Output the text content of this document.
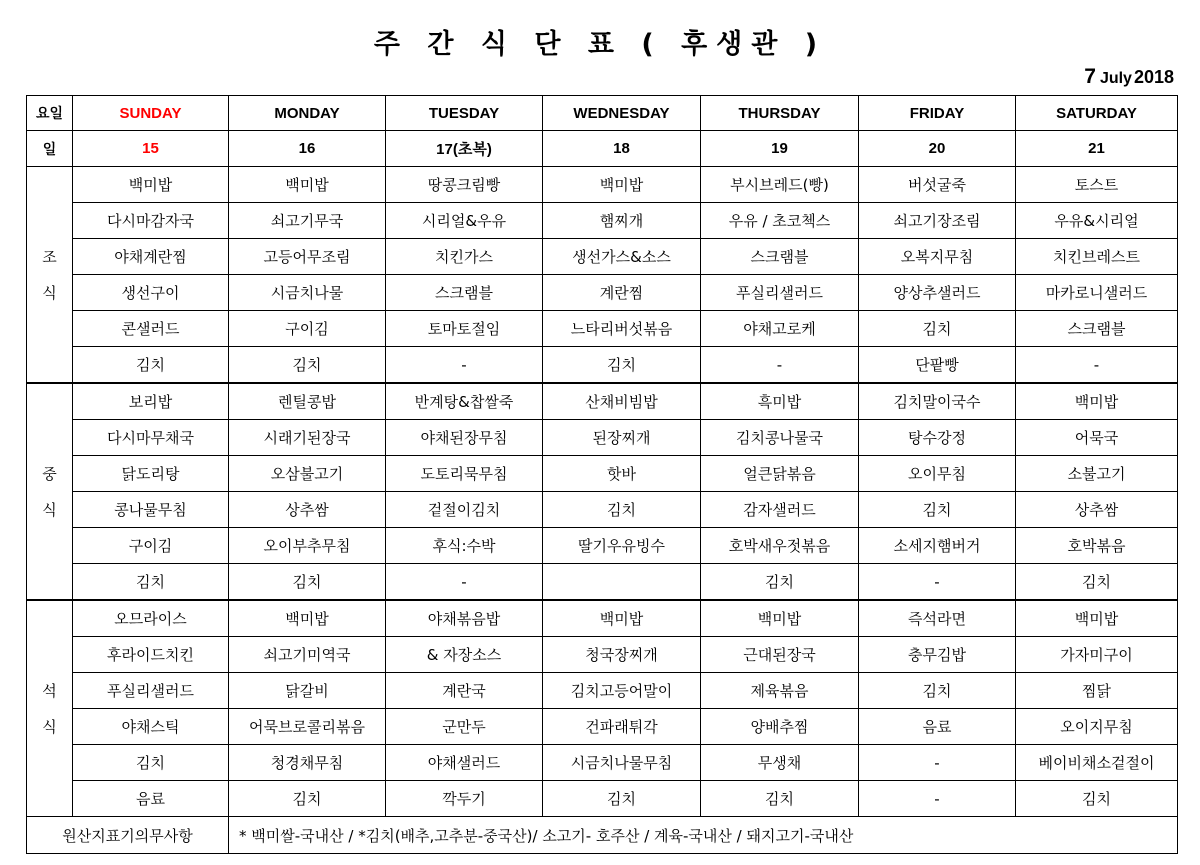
주 간 식 단 표 ( 후생관 )
7 July 2018
요일	SUNDAY	MONDAY	TUESDAY	WEDNESDAY	THURSDAY	FRIDAY	SATURDAY
일	15	16	17(초복)	18	19	20	21

조
식	백미밥	백미밥	땅콩크림빵	백미밥	부시브레드(빵)	버섯굴죽	토스트
	다시마감자국	쇠고기무국	시리얼&우유	햄찌개	우유 / 초코첵스	쇠고기장조림	우유&시리얼
	야채계란찜	고등어무조림	치킨가스	생선가스&소스	스크램블	오복지무침	치킨브레스트
	생선구이	시금치나물	스크램블	계란찜	푸실리샐러드	양상추샐러드	마카로니샐러드
	콘샐러드	구이김	토마토절임	느타리버섯볶음	야채고로케	김치	스크램블
	김치	김치	-	김치	-	단팥빵	-

중
식	보리밥	렌틸콩밥	반계탕&찹쌀죽	산채비빔밥	흑미밥	김치말이국수	백미밥
	다시마무채국	시래기된장국	야채된장무침	된장찌개	김치콩나물국	탕수강정	어묵국
	닭도리탕	오삼불고기	도토리묵무침	핫바	얼큰닭볶음	오이무침	소불고기
	콩나물무침	상추쌈	겉절이김치	김치	감자샐러드	김치	상추쌈
	구이김	오이부추무침	후식:수박	딸기우유빙수	호박새우젓볶음	소세지햄버거	호박볶음
	김치	김치	-		김치	-	김치

석
식	오므라이스	백미밥	야채볶음밥	백미밥	백미밥	즉석라면	백미밥
	후라이드치킨	쇠고기미역국	& 자장소스	청국장찌개	근대된장국	충무김밥	가자미구이
	푸실리샐러드	닭갈비	계란국	김치고등어말이	제육볶음	김치	찜닭
	야채스틱	어묵브로콜리볶음	군만두	건파래튀각	양배추찜	음료	오이지무침
	김치	청경채무침	야채샐러드	시금치나물무침	무생채	-	베이비채소겉절이
	음료	김치	깍두기	김치	김치	-	김치
원산지표기의무사항		* 백미쌀-국내산 / *김치(배추,고추분-중국산)/ 소고기- 호주산 / 계육-국내산 / 돼지고기-국내산					
